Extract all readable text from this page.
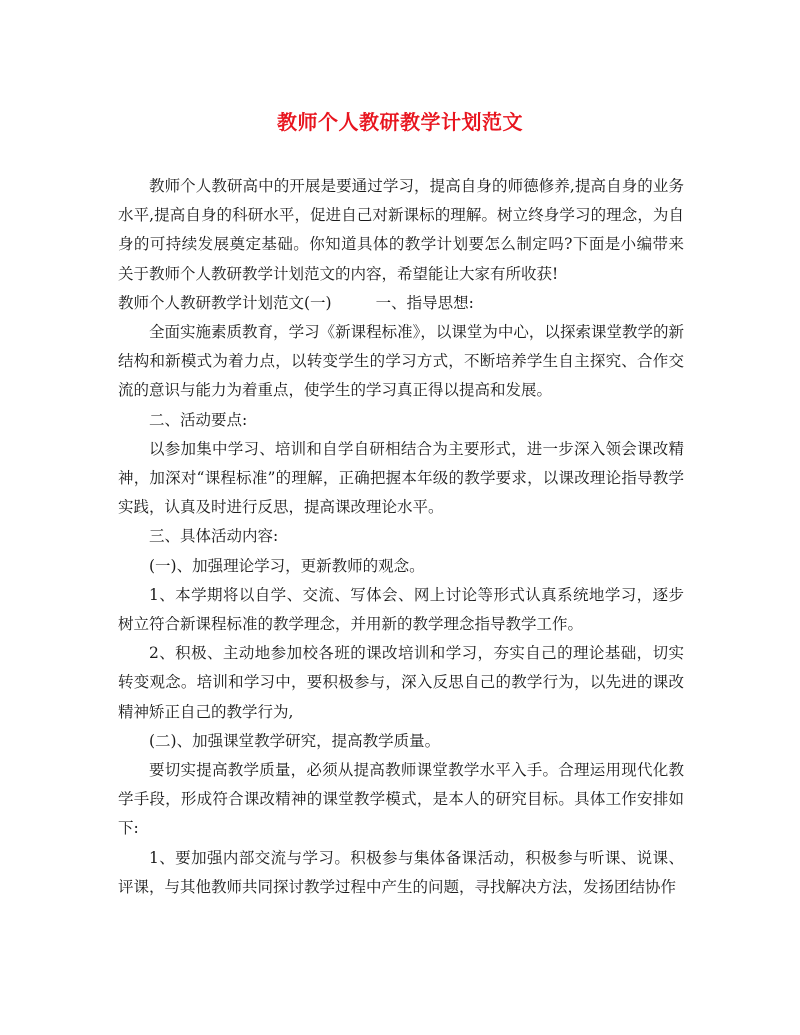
教师个人教研教学计划范文

教师个人教研高中的开展是要通过学习，提高自身的师德修养,提高自身的业务水平,提高自身的科研水平，促进自己对新课标的理解。树立终身学习的理念，为自身的可持续发展奠定基础。你知道具体的教学计划要怎么制定吗?下面是小编带来关于教师个人教研教学计划范文的内容，希望能让大家有所收获!

教师个人教研教学计划范文(一)	一、指导思想:

全面实施素质教育，学习《新课程标准》，以课堂为中心，以探索课堂教学的新结构和新模式为着力点，以转变学生的学习方式，不断培养学生自主探究、合作交流的意识与能力为着重点，使学生的学习真正得以提高和发展。

二、活动要点:

以参加集中学习、培训和自学自研相结合为主要形式，进一步深入领会课改精神，加深对“课程标准”的理解，正确把握本年级的教学要求，以课改理论指导教学实践，认真及时进行反思，提高课改理论水平。

三、具体活动内容:

(一)、加强理论学习，更新教师的观念。

1、本学期将以自学、交流、写体会、网上讨论等形式认真系统地学习，逐步树立符合新课程标准的教学理念，并用新的教学理念指导教学工作。

2、积极、主动地参加校各班的课改培训和学习，夯实自己的理论基础，切实转变观念。培训和学习中，要积极参与，深入反思自己的教学行为，以先进的课改精神矫正自己的教学行为,

(二)、加强课堂教学研究，提高教学质量。

要切实提高教学质量，必须从提高教师课堂教学水平入手。合理运用现代化教学手段，形成符合课改精神的课堂教学模式，是本人的研究目标。具体工作安排如下:

1、要加强内部交流与学习。积极参与集体备课活动，积极参与听课、说课、评课，与其他教师共同探讨教学过程中产生的问题，寻找解决方法，发扬团结协作
